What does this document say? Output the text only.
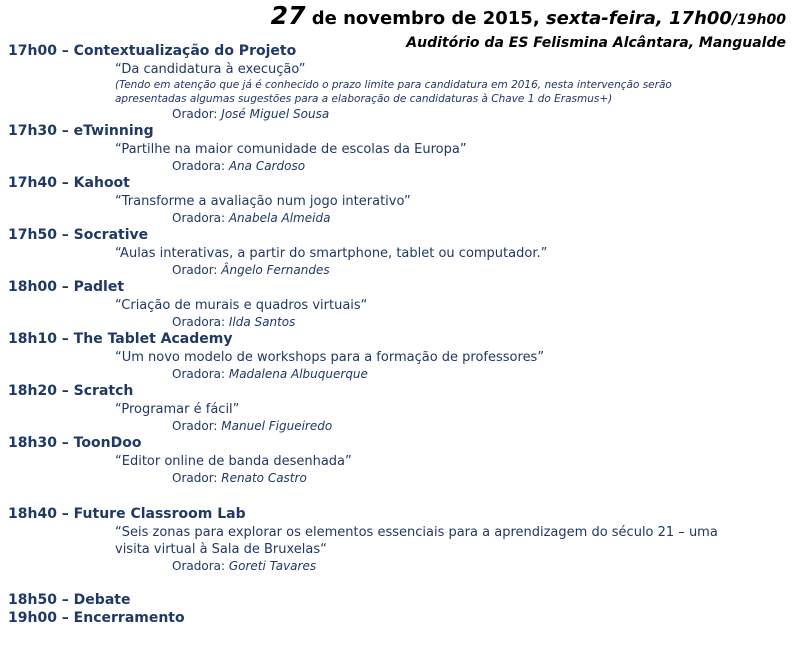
27 de novembro de 2015, sexta-feira, 17h00/19h00
Auditório da ES Felismina Alcântara, Mangualde
17h00 – Contextualização do Projeto
“Da candidatura à execução”
(Tendo em atenção que já é conhecido o prazo limite para candidatura em 2016, nesta intervenção serão apresentadas algumas sugestões para a elaboração de candidaturas à Chave 1 do Erasmus+)
Orador: José Miguel Sousa
17h30 – eTwinning
“Partilhe na maior comunidade de escolas da Europa”
Oradora: Ana Cardoso
17h40 – Kahoot
“Transforme a avaliação num jogo interativo”
Oradora: Anabela Almeida
17h50 – Socrative
“Aulas interativas, a partir do smartphone, tablet ou computador.”
Orador: Ângelo Fernandes
18h00 – Padlet
“Criação de murais e quadros virtuais“
Oradora: Ilda Santos
18h10 – The Tablet Academy
“Um novo modelo de workshops para a formação de professores”
Oradora: Madalena Albuquerque
18h20 – Scratch
“Programar é fácil”
Orador: Manuel Figueiredo
18h30 – ToonDoo
“Editor online de banda desenhada”
Orador: Renato Castro
18h40 – Future Classroom Lab
“Seis zonas para explorar os elementos essenciais para a aprendizagem do século 21 – uma visita virtual à Sala de Bruxelas“
Oradora: Goreti Tavares
18h50 – Debate
19h00 – Encerramento
